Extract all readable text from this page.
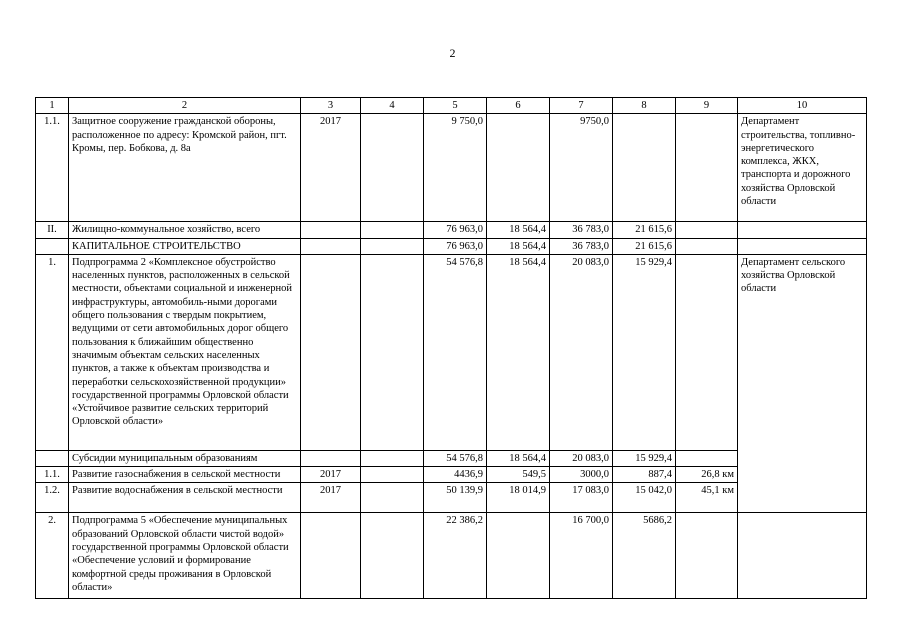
2
1	2	3	4	5	6	7	8	9	10
1.1.	Защитное сооружение гражданской обороны, расположенное по адресу: Кромской район, пгт. Кромы, пер. Бобкова, д. 8а	2017		9 750,0		9750,0			Департамент строительства, топливно-энергетического комплекса, ЖКХ, транспорта и дорожного хозяйства Орловской области
II.	Жилищно-коммунальное хозяйство, всего			76 963,0	18 564,4	36 783,0	21 615,6		
	КАПИТАЛЬНОЕ СТРОИТЕЛЬСТВО			76 963,0	18 564,4	36 783,0	21 615,6		
1.	Подпрограмма 2 «Комплексное обустройство населенных пунктов, расположенных в сельской местности, объектами социальной и инженерной инфраструктуры, автомобиль-ными дорогами общего пользования с твердым покрытием, ведущими от сети автомобильных дорог общего пользования к ближайшим общественно значимым объектам сельских населенных пунктов, а также к объектам производства и переработки сельскохозяйственной продукции» государственной программы Орловской области «Устойчивое развитие сельских территорий Орловской области»			54 576,8	18 564,4	20 083,0	15 929,4		Департамент сельского хозяйства Орловской области
	Субсидии муниципальным образованиям			54 576,8	18 564,4	20 083,0	15 929,4		
1.1.	Развитие газоснабжения в сельской местности	2017		4436,9	549,5	3000,0	887,4	26,8 км	
1.2.	Развитие водоснабжения в сельской местности	2017		50 139,9	18 014,9	17 083,0	15 042,0	45,1 км	
2.	Подпрограмма 5 «Обеспечение муниципальных образований Орловской области чистой водой» государственной программы Орловской области «Обеспечение условий и формирование комфортной среды проживания в Орловской области»			22 386,2		16 700,0	5686,2		
